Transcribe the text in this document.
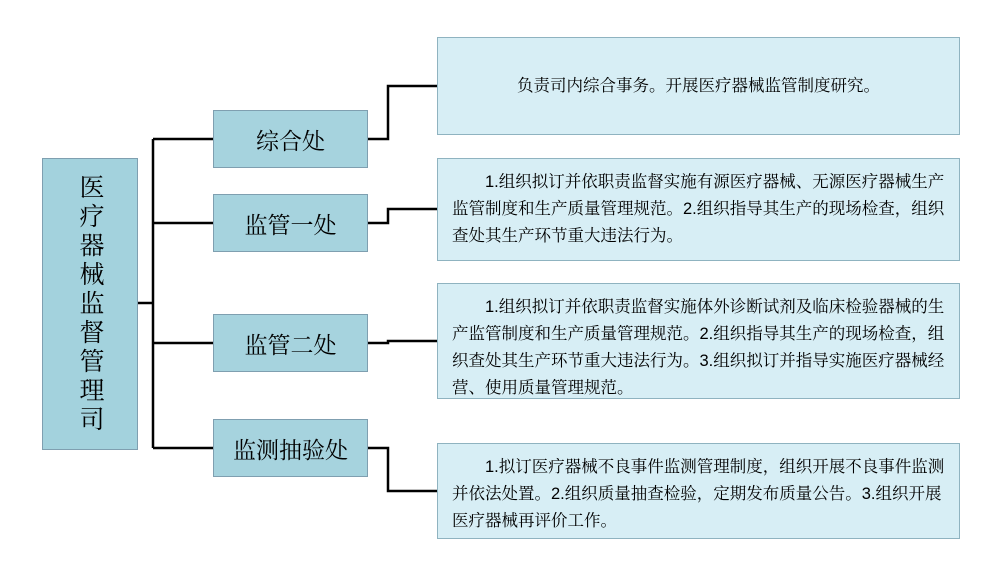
医疗器械监督管理司
综合处
监管一处
监管二处
监测抽验处
负责司内综合事务。开展医疗器械监管制度研究。
1.组织拟订并依职责监督实施有源医疗器械、无源医疗器械生产监管制度和生产质量管理规范。2.组织指导其生产的现场检查，组织查处其生产环节重大违法行为。
1.组织拟订并依职责监督实施体外诊断试剂及临床检验器械的生产监管制度和生产质量管理规范。2.组织指导其生产的现场检查，组织查处其生产环节重大违法行为。3.组织拟订并指导实施医疗器械经营、使用质量管理规范。
1.拟订医疗器械不良事件监测管理制度，组织开展不良事件监测并依法处置。2.组织质量抽查检验，定期发布质量公告。3.组织开展医疗器械再评价工作。
